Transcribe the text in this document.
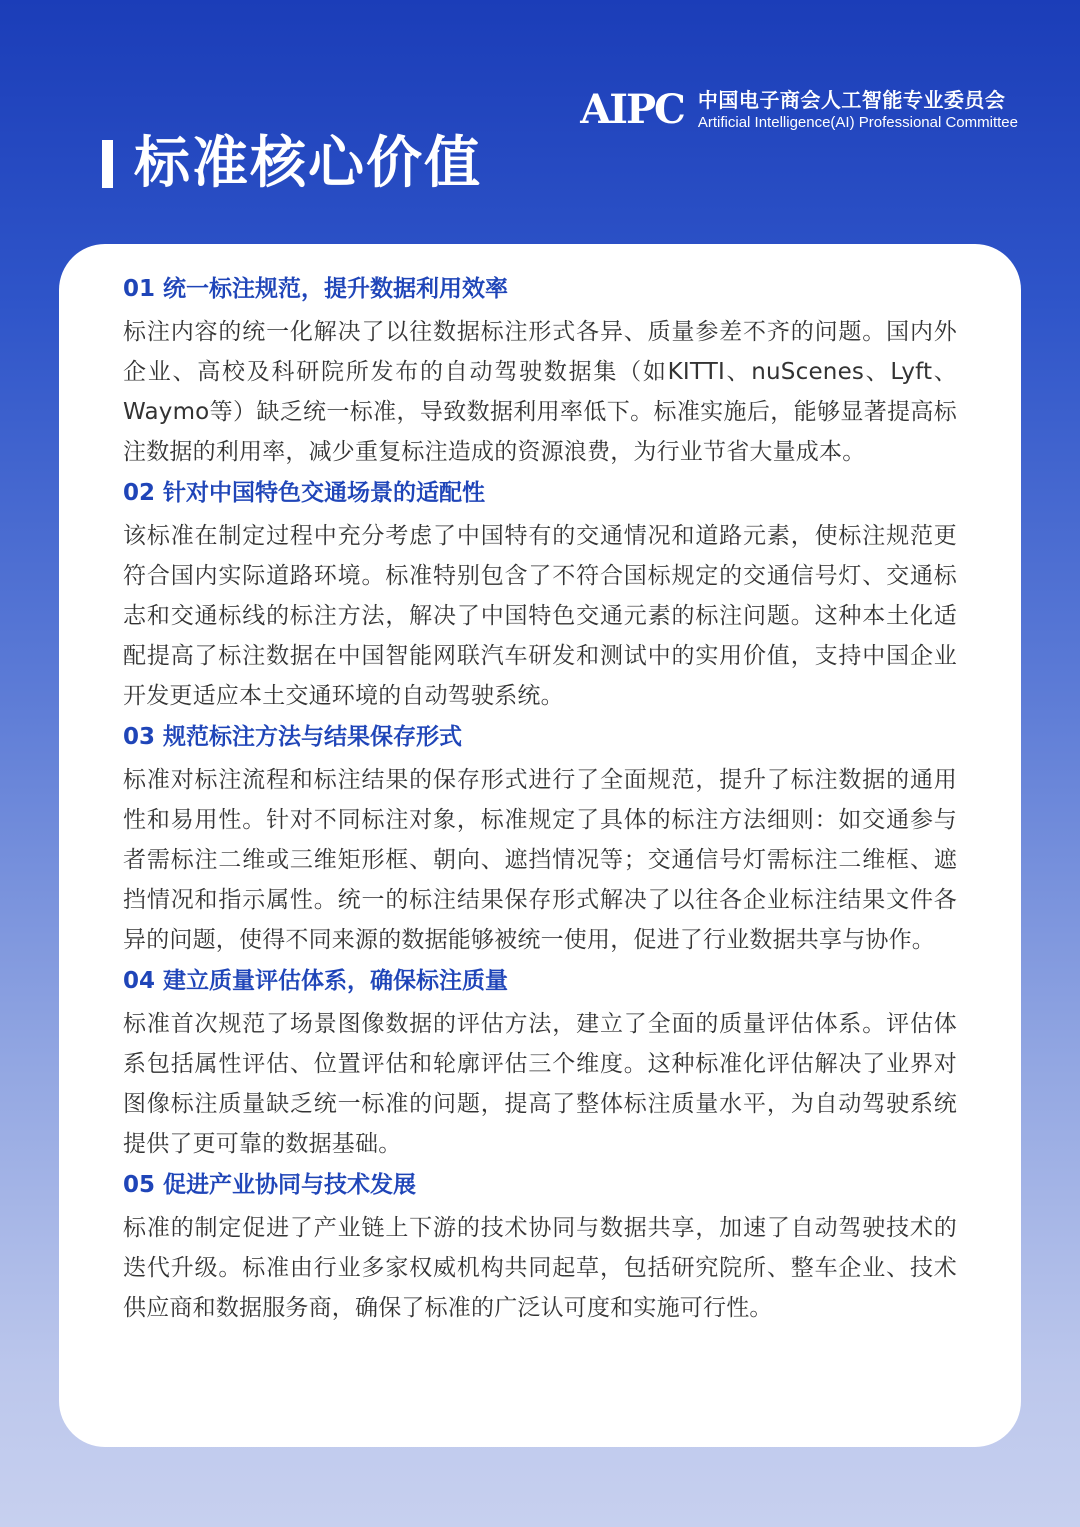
AIPC 中国电子商会人工智能专业委员会
Artificial Intelligence(AI) Professional Committee
标准核心价值
01 统一标注规范，提升数据利用效率

标注内容的统一化解决了以往数据标注形式各异、质量参差不齐的问题。国内外企业、高校及科研院所发布的自动驾驶数据集（如KITTI、nuScenes、Lyft、Waymo等）缺乏统一标准，导致数据利用率低下。标准实施后，能够显著提高标注数据的利用率，减少重复标注造成的资源浪费，为行业节省大量成本。

02 针对中国特色交通场景的适配性

该标准在制定过程中充分考虑了中国特有的交通情况和道路元素，使标注规范更符合国内实际道路环境。标准特别包含了不符合国标规定的交通信号灯、交通标志和交通标线的标注方法，解决了中国特色交通元素的标注问题。这种本土化适配提高了标注数据在中国智能网联汽车研发和测试中的实用价值，支持中国企业开发更适应本土交通环境的自动驾驶系统。

03 规范标注方法与结果保存形式

标准对标注流程和标注结果的保存形式进行了全面规范，提升了标注数据的通用性和易用性。针对不同标注对象，标准规定了具体的标注方法细则：如交通参与者需标注二维或三维矩形框、朝向、遮挡情况等；交通信号灯需标注二维框、遮挡情况和指示属性。统一的标注结果保存形式解决了以往各企业标注结果文件各异的问题，使得不同来源的数据能够被统一使用，促进了行业数据共享与协作。

04 建立质量评估体系，确保标注质量

标准首次规范了场景图像数据的评估方法，建立了全面的质量评估体系。评估体系包括属性评估、位置评估和轮廓评估三个维度。这种标准化评估解决了业界对图像标注质量缺乏统一标准的问题，提高了整体标注质量水平，为自动驾驶系统提供了更可靠的数据基础。

05 促进产业协同与技术发展

标准的制定促进了产业链上下游的技术协同与数据共享，加速了自动驾驶技术的迭代升级。标准由行业多家权威机构共同起草，包括研究院所、整车企业、技术供应商和数据服务商，确保了标准的广泛认可度和实施可行性。
